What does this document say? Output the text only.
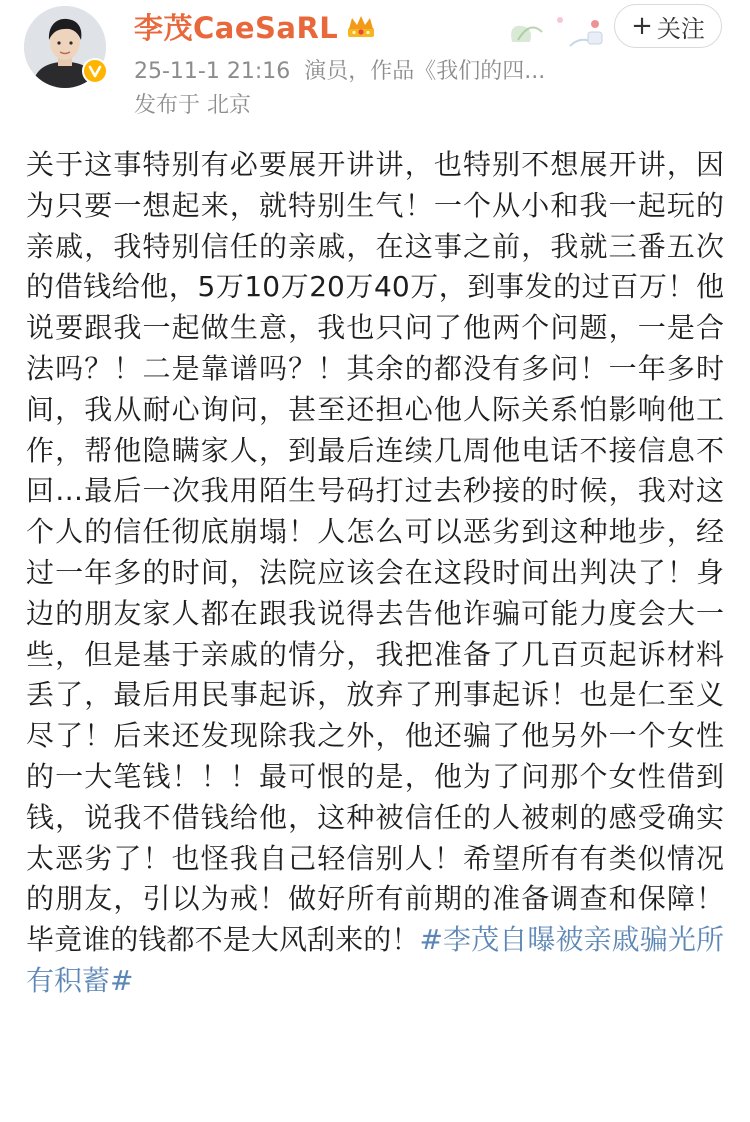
李茂CaeSaRL
25-11-1 21:16 演员，作品《我们的四...
发布于 北京
+ 关注

关于这事特别有必要展开讲讲，也特别不想展开讲，因为只要一想起来，就特别生气！一个从小和我一起玩的亲戚，我特别信任的亲戚，在这事之前，我就三番五次的借钱给他，5万10万20万40万，到事发的过百万！他说要跟我一起做生意，我也只问了他两个问题，一是合法吗？！二是靠谱吗？！其余的都没有多问！一年多时间，我从耐心询问，甚至还担心他人际关系怕影响他工作，帮他隐瞒家人，到最后连续几周他电话不接信息不回…最后一次我用陌生号码打过去秒接的时候，我对这个人的信任彻底崩塌！人怎么可以恶劣到这种地步，经过一年多的时间，法院应该会在这段时间出判决了！身边的朋友家人都在跟我说得去告他诈骗可能力度会大一些，但是基于亲戚的情分，我把准备了几百页起诉材料丢了，最后用民事起诉，放弃了刑事起诉！也是仁至义尽了！后来还发现除我之外，他还骗了他另外一个女性的一大笔钱！！！最可恨的是，他为了问那个女性借到钱，说我不借钱给他，这种被信任的人被刺的感受确实太恶劣了！也怪我自己轻信别人！希望所有有类似情况的朋友，引以为戒！做好所有前期的准备调查和保障！毕竟谁的钱都不是大风刮来的！#李茂自曝被亲戚骗光所有积蓄#
